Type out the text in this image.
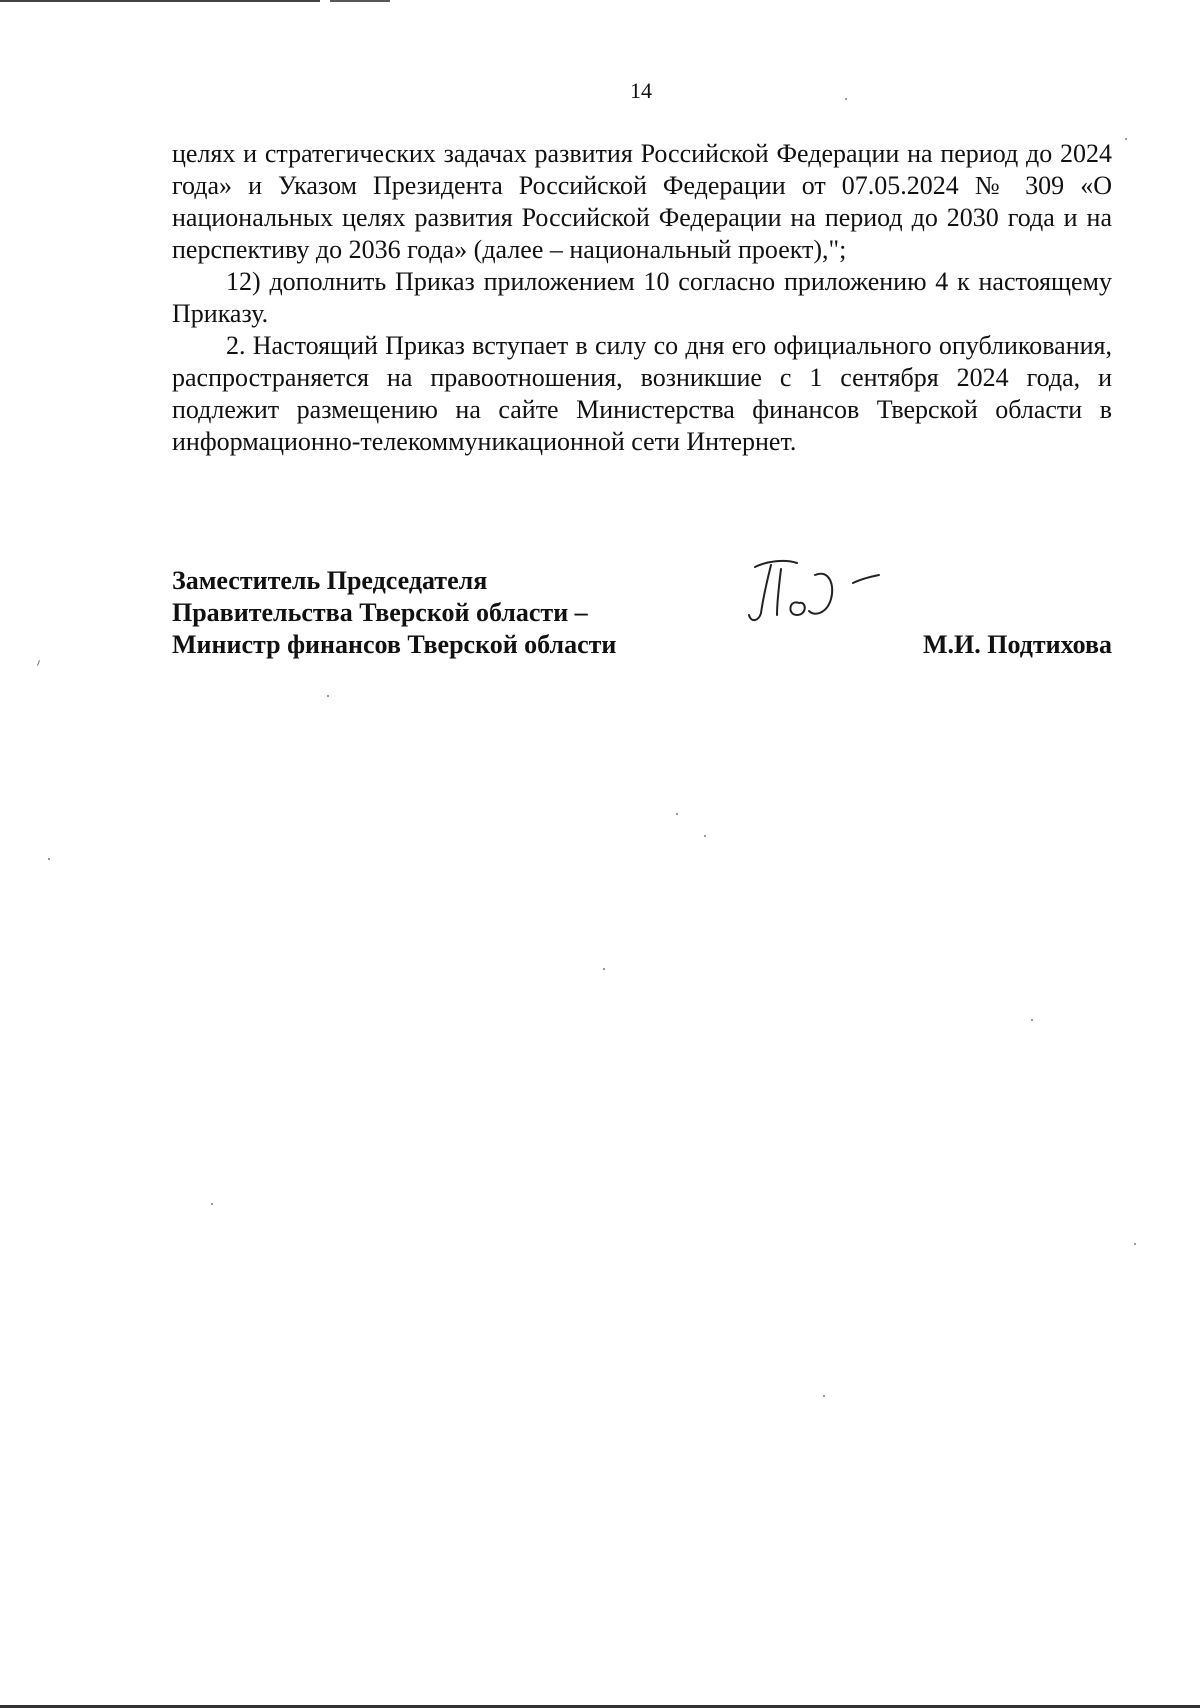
14

целях и стратегических задачах развития Российской Федерации на период до 2024 года» и Указом Президента Российской Федерации от 07.05.2024 № 309 «О национальных целях развития Российской Федерации на период до 2030 года и на перспективу до 2036 года» (далее – национальный проект),";

12) дополнить Приказ приложением 10 согласно приложению 4 к настоящему Приказу.

2. Настоящий Приказ вступает в силу со дня его официального опубликования, распространяется на правоотношения, возникшие с 1 сентября 2024 года, и подлежит размещению на сайте Министерства финансов Тверской области в информационно-телекоммуникационной сети Интернет.

Заместитель Председателя
Правительства Тверской области –
Министр финансов Тверской области	М.И. Подтихова
